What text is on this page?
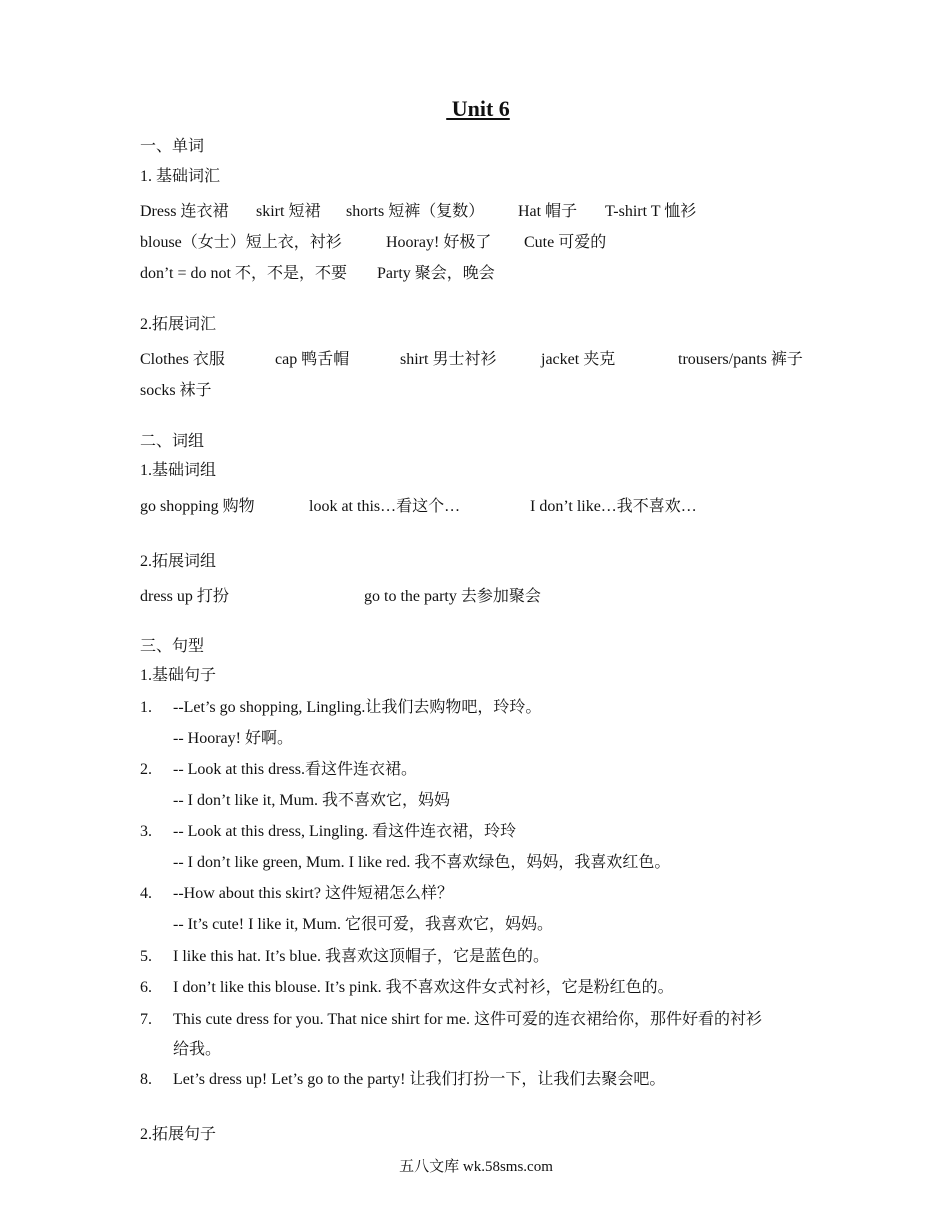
Unit 6
一、单词
1. 基础词汇
Dress 连衣裙 skirt 短裙 shorts 短裤（复数） Hat 帽子 T-shirt T 恤衫
blouse（女士）短上衣，衬衫	Hooray! 好极了 Cute 可爱的
don’t = do not 不，不是，不要 Party 聚会，晚会
2.拓展词汇
Clothes 衣服	cap 鸭舌帽	shirt 男士衬衫	jacket 夹克	trousers/pants 裤子
socks 袜子
二、词组
1.基础词组
go shopping 购物	look at this…看这个…	I don’t like…我不喜欢…
2.拓展词组
dress up 打扮	go to the party 去参加聚会
三、句型
1.基础句子
1. --Let’s go shopping, Lingling.让我们去购物吧，玲玲。
-- Hooray! 好啊。
2. -- Look at this dress.看这件连衣裙。
-- I don’t like it, Mum. 我不喜欢它，妈妈
3. -- Look at this dress, Lingling. 看这件连衣裙，玲玲
-- I don’t like green, Mum. I like red. 我不喜欢绿色，妈妈，我喜欢红色。
4. --How about this skirt? 这件短裙怎么样？
-- It’s cute! I like it, Mum. 它很可爱，我喜欢它，妈妈。
5. I like this hat. It’s blue. 我喜欢这顶帽子，它是蓝色的。
6. I don’t like this blouse. It’s pink. 我不喜欢这件女式衬衫，它是粉红色的。
7. This cute dress for you. That nice shirt for me. 这件可爱的连衣裙给你，那件好看的衬衫
给我。
8. Let’s dress up! Let’s go to the party! 让我们打扮一下，让我们去聚会吧。
2.拓展句子
五八文库 wk.58sms.com
